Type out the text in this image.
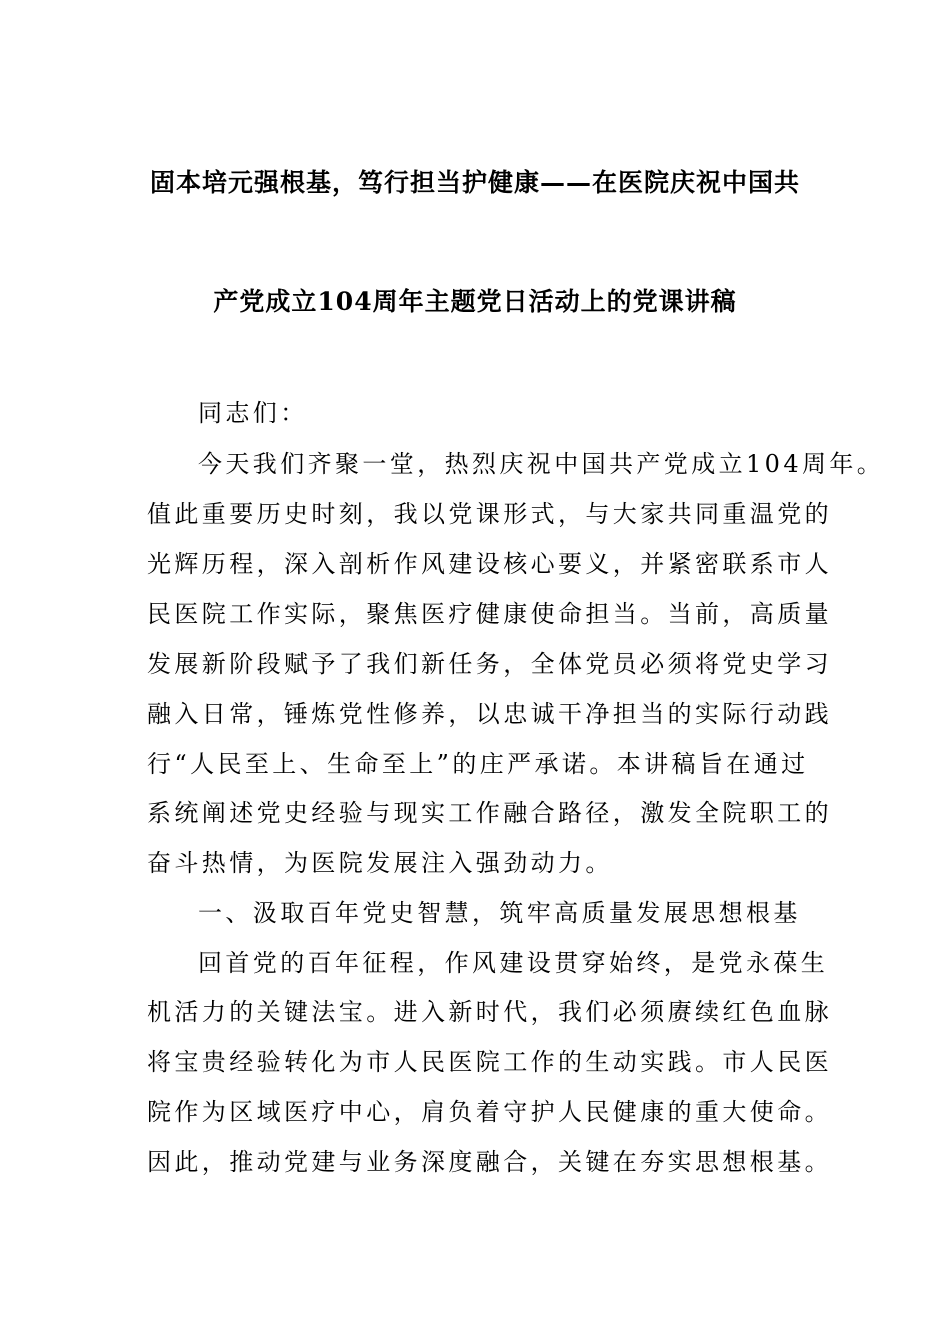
固本培元强根基，笃行担当护健康——在医院庆祝中国共
产党成立104周年主题党日活动上的党课讲稿
同志们：
今天我们齐聚一堂，热烈庆祝中国共产党成立104周年。
值此重要历史时刻，我以党课形式，与大家共同重温党的
光辉历程，深入剖析作风建设核心要义，并紧密联系市人
民医院工作实际，聚焦医疗健康使命担当。当前，高质量
发展新阶段赋予了我们新任务，全体党员必须将党史学习
融入日常，锤炼党性修养，以忠诚干净担当的实际行动践
行“人民至上、生命至上”的庄严承诺。本讲稿旨在通过
系统阐述党史经验与现实工作融合路径，激发全院职工的
奋斗热情，为医院发展注入强劲动力。
一、汲取百年党史智慧，筑牢高质量发展思想根基
回首党的百年征程，作风建设贯穿始终，是党永葆生
机活力的关键法宝。进入新时代，我们必须赓续红色血脉
将宝贵经验转化为市人民医院工作的生动实践。市人民医
院作为区域医疗中心，肩负着守护人民健康的重大使命。
因此，推动党建与业务深度融合，关键在夯实思想根基。
